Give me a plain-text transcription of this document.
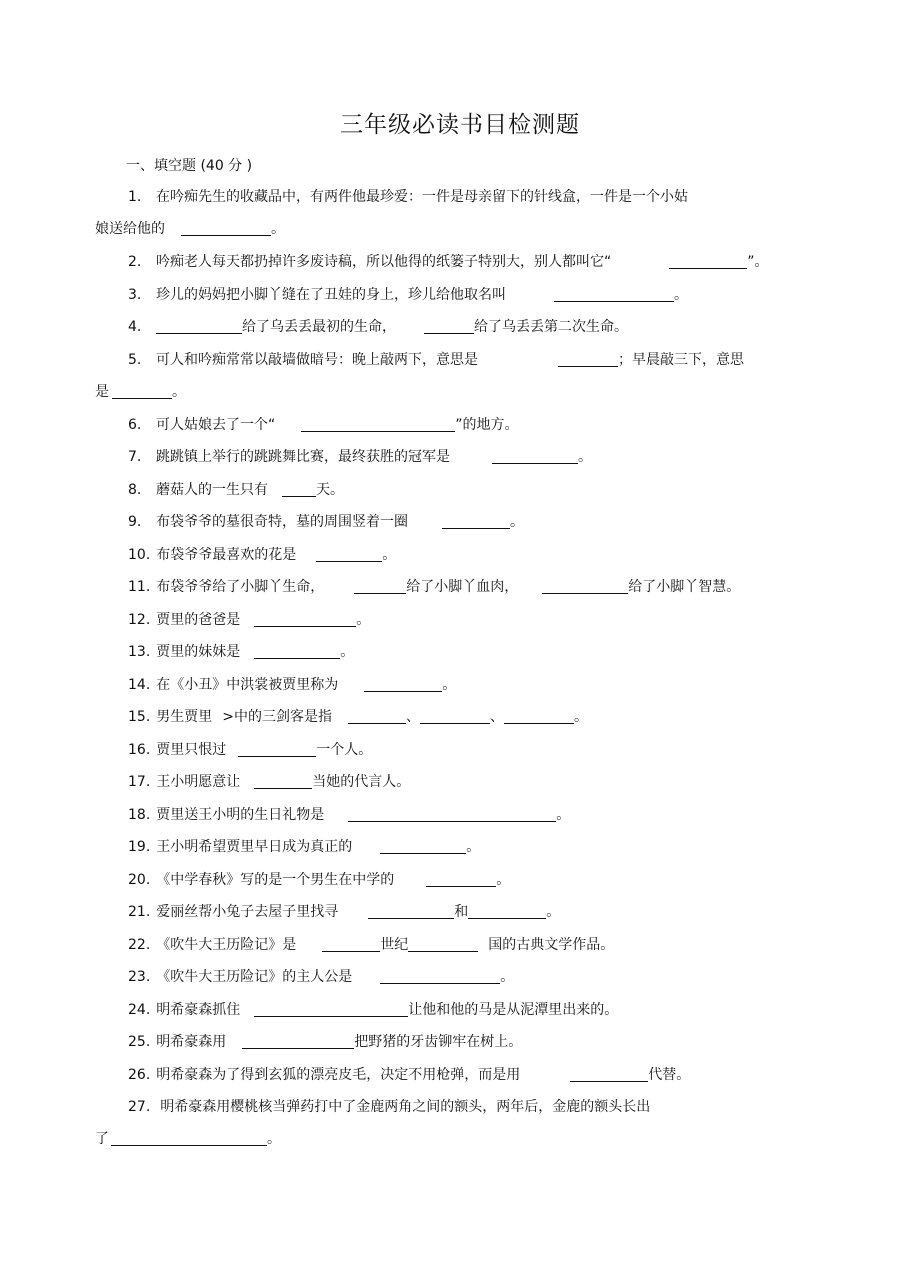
三年级必读书目检测题
一、填空题 (40 分 )
1. 在吟痴先生的收藏品中，有两件他最珍爱：一件是母亲留下的针线盒，一件是一个小姑
娘送给他的	。
2. 吟痴老人每天都扔掉许多废诗稿，所以他得的纸篓子特别大，别人都叫它“	”。
3. 珍儿的妈妈把小脚丫缝在了丑娃的身上，珍儿给他取名叫	。
4.	给了乌丢丢最初的生命，	给了乌丢丢第二次生命。
5. 可人和吟痴常常以敲墙做暗号：晚上敲两下，意思是	；早晨敲三下，意思
是	。
6. 可人姑娘去了一个“	”的地方。
7. 跳跳镇上举行的跳跳舞比赛，最终获胜的冠军是	。
8. 蘑菇人的一生只有	天。
9. 布袋爷爷的墓很奇特，墓的周围竖着一圈	。
10. 布袋爷爷最喜欢的花是	。
11. 布袋爷爷给了小脚丫生命，	给了小脚丫血肉，	给了小脚丫智慧。
12. 贾里的爸爸是	。
13. 贾里的妹妹是	。
14. 在《小丑》中洪裳被贾里称为	。
15. 男生贾里 >中的三剑客是指	、	、	。
16. 贾里只恨过	一个人。
17. 王小明愿意让	当她的代言人。
18. 贾里送王小明的生日礼物是	。
19. 王小明希望贾里早日成为真正的	。
20. 《中学春秋》写的是一个男生在中学的	。
21. 爱丽丝帮小兔子去屋子里找寻	和	。
22. 《吹牛大王历险记》是	世纪	国的古典文学作品。
23. 《吹牛大王历险记》的主人公是	。
24. 明希豪森抓住	让他和他的马是从泥潭里出来的。
25. 明希豪森用	把野猪的牙齿铆牢在树上。
26. 明希豪森为了得到玄狐的漂亮皮毛，决定不用枪弹，而是用	代替。
27. 明希豪森用樱桃核当弹药打中了金鹿两角之间的额头，两年后，金鹿的额头长出
了	。
